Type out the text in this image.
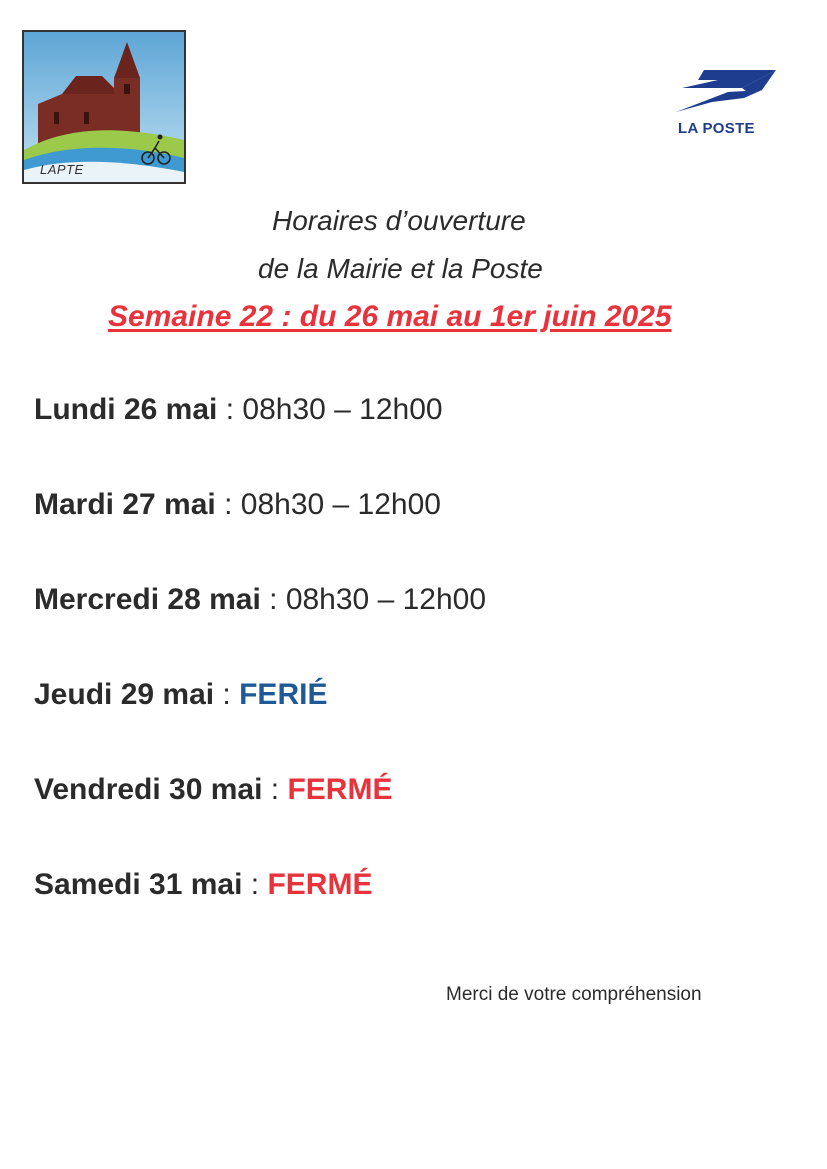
LAPTE
LA POSTE
Horaires d’ouverture
de la Mairie et la Poste
Semaine 22 : du 26 mai au 1er juin 2025
Lundi 26 mai : 08h30 – 12h00
Mardi 27 mai : 08h30 – 12h00
Mercredi 28 mai : 08h30 – 12h00
Jeudi 29 mai : FERIÉ
Vendredi 30 mai : FERMÉ
Samedi 31 mai : FERMÉ
Merci de votre compréhension
